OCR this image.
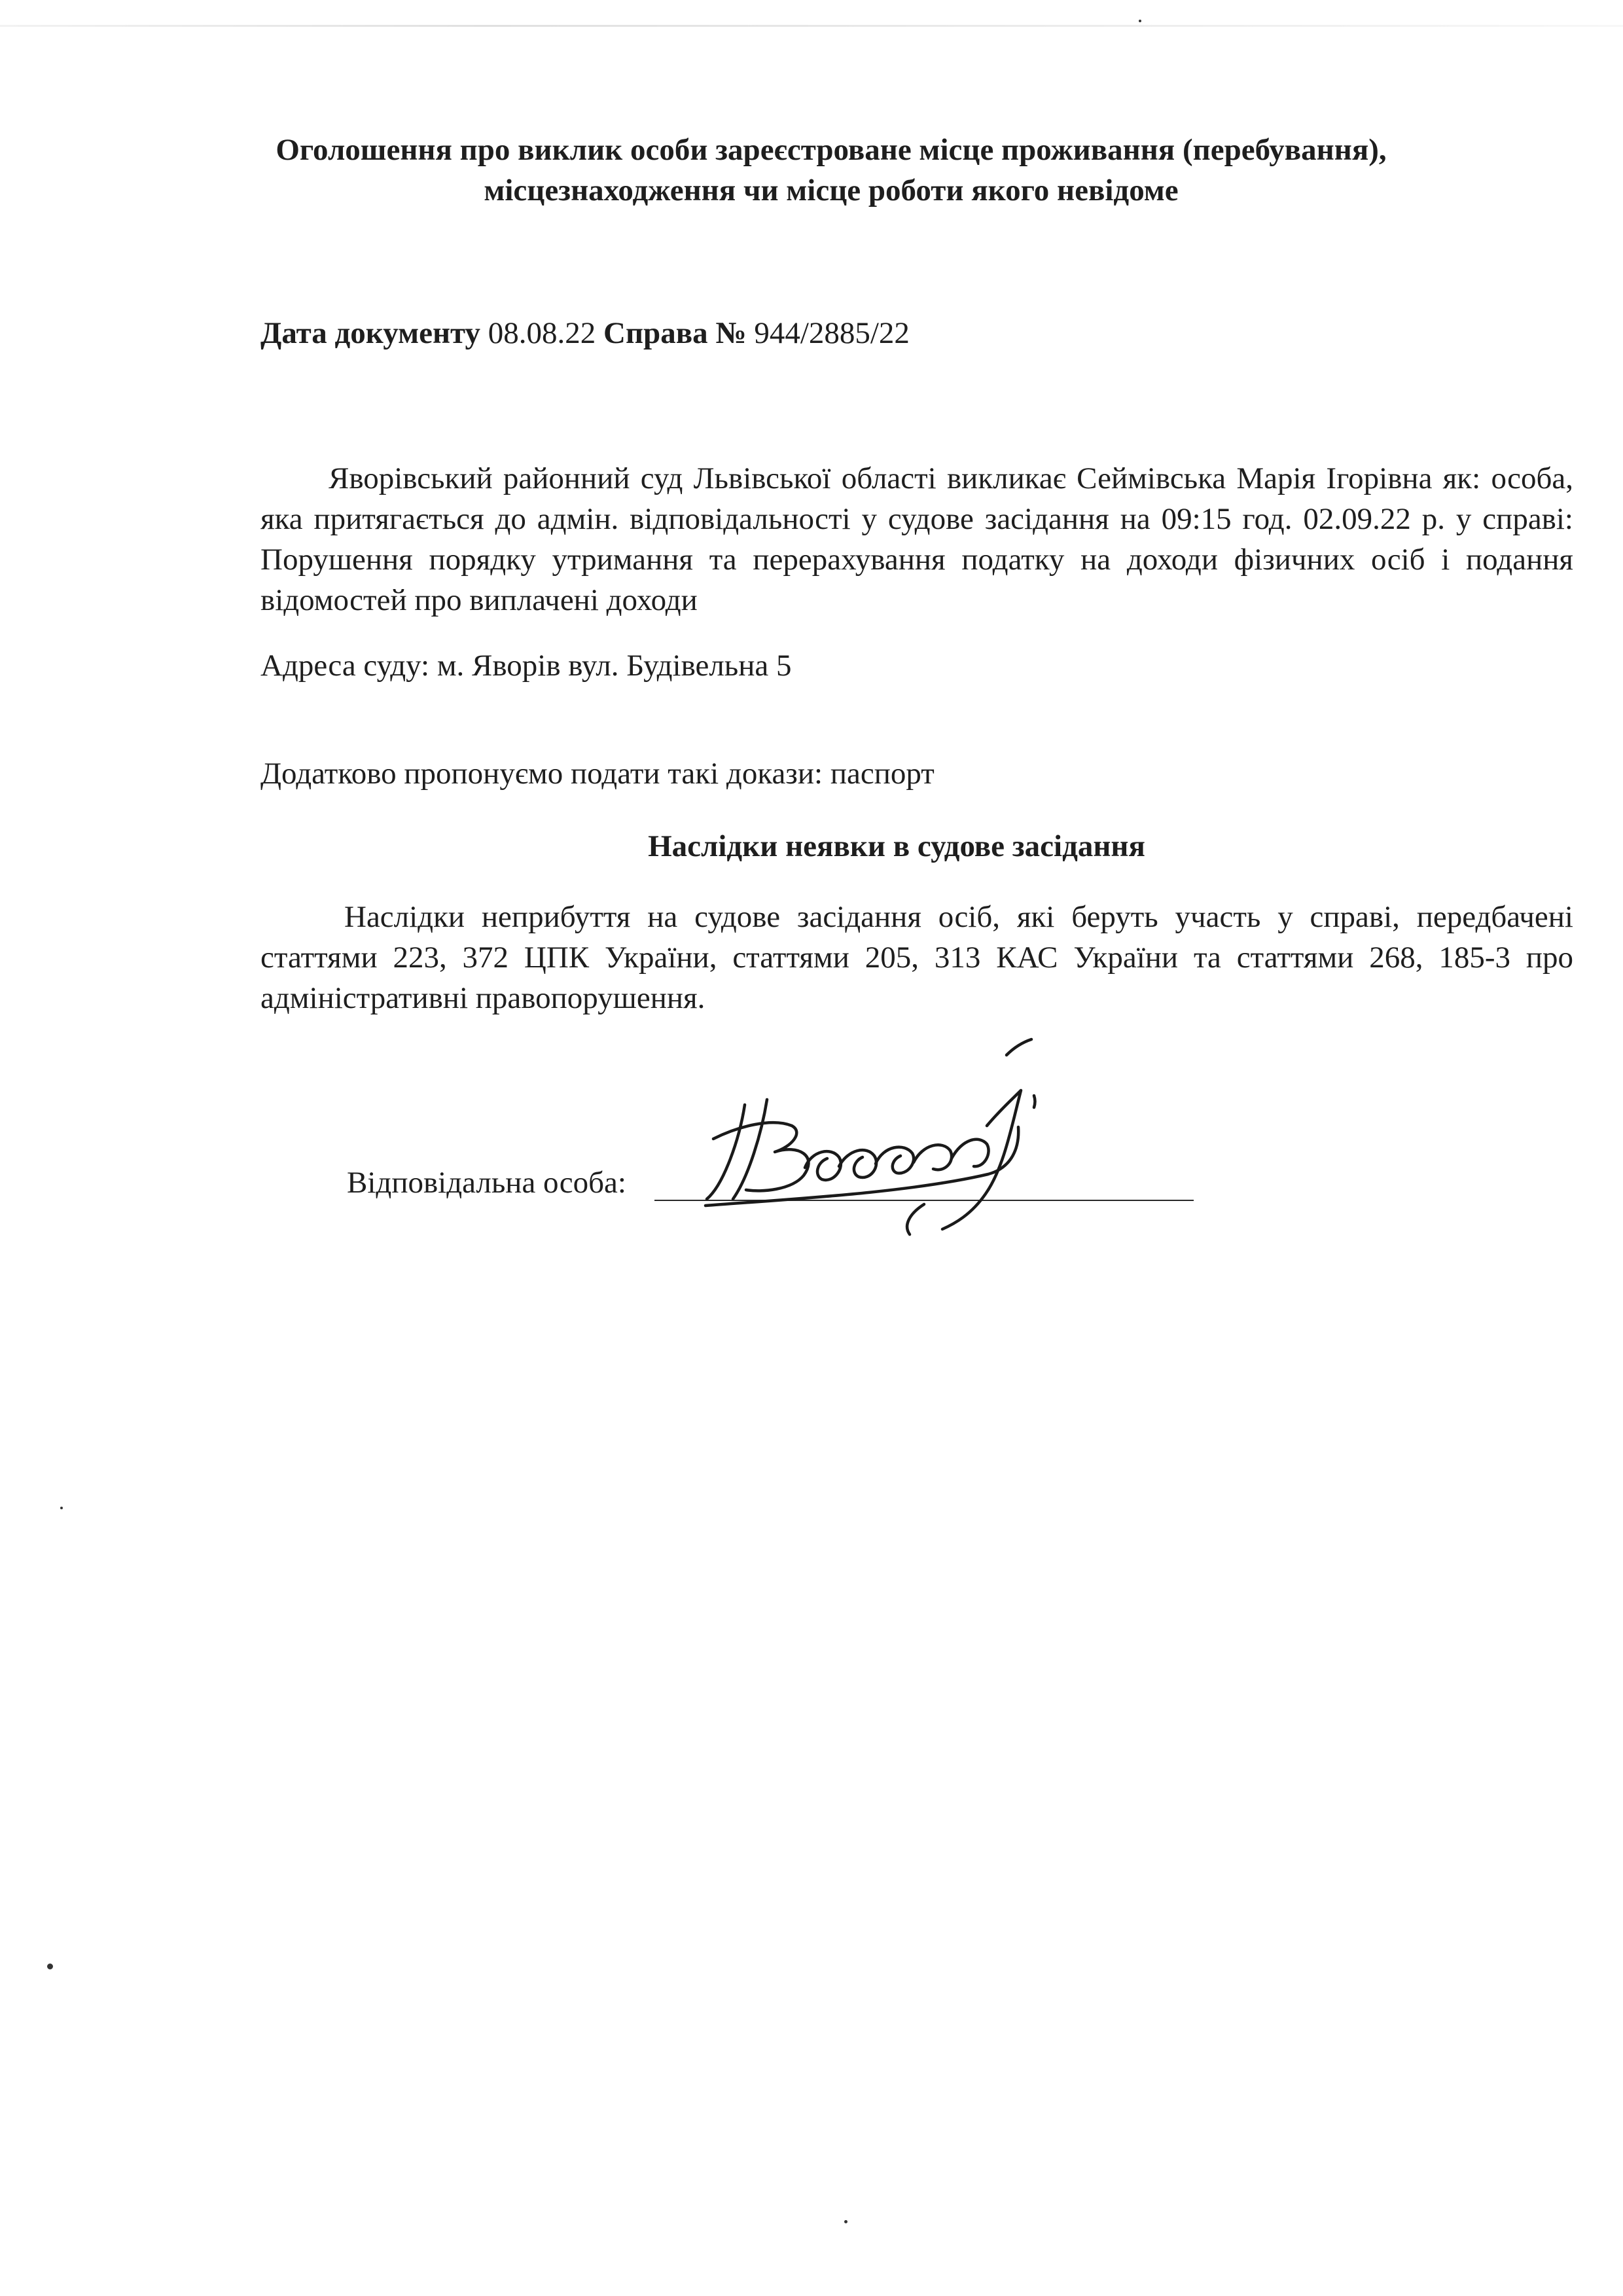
Оголошення про виклик особи зареєстроване місце проживання (перебування),
місцезнаходження чи місце роботи якого невідоме
Дата документу 08.08.22 Справа № 944/2885/22
Яворівський районний суд Львівської області викликає Сеймівська Марія Ігорівна як: особа, яка притягається до адмін. відповідальності у судове засідання на 09:15 год. 02.09.22 р. у справі: Порушення порядку утримання та перерахування податку на доходи фізичних осіб і подання відомостей про виплачені доходи
Адреса суду: м. Яворів вул. Будівельна 5
Додатково пропонуємо подати такі докази: паспорт
Наслідки неявки в судове засідання
Наслідки неприбуття на судове засідання осіб, які беруть участь у справі, передбачені статтями 223, 372 ЦПК України, статтями 205, 313 КАС України та статтями 268, 185-3 про адміністративні правопорушення.
Відповідальна особа:
